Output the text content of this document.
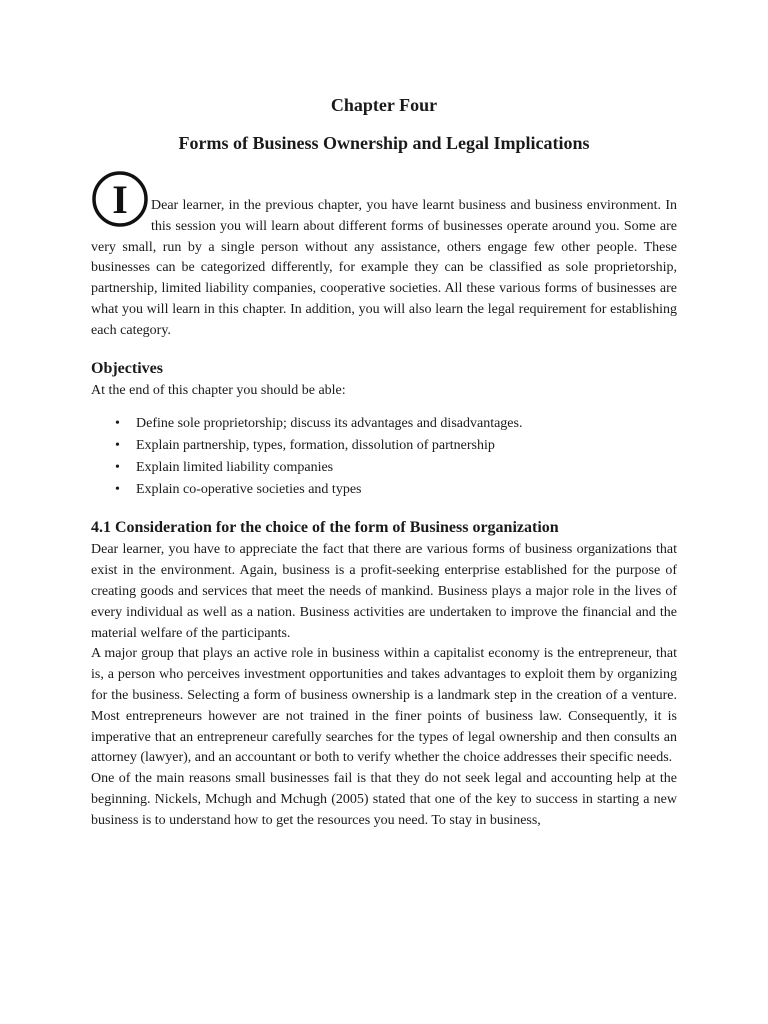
Chapter Four
Forms of Business Ownership and Legal Implications
I	Dear learner, in the previous chapter, you have learnt business and business environment. In this session you will learn about different forms of businesses operate around you. Some are very small, run by a single person without any assistance, others engage few other people. These businesses can be categorized differently, for example they can be classified as sole proprietorship, partnership, limited liability companies, cooperative societies. All these various forms of businesses are what you will learn in this chapter. In addition, you will also learn the legal requirement for establishing each category.

Objectives

At the end of this chapter you should be able:

• Define sole proprietorship; discuss its advantages and disadvantages.
• Explain partnership, types, formation, dissolution of partnership
• Explain limited liability companies
• Explain co-operative societies and types
4.1 Consideration for the choice of the form of Business organization

Dear learner, you have to appreciate the fact that there are various forms of business organizations that exist in the environment. Again, business is a profit-seeking enterprise established for the purpose of creating goods and services that meet the needs of mankind. Business plays a major role in the lives of every individual as well as a nation. Business activities are undertaken to improve the financial and the material welfare of the participants.

A major group that plays an active role in business within a capitalist economy is the entrepreneur, that is, a person who perceives investment opportunities and takes advantages to exploit them by organizing for the business. Selecting a form of business ownership is a landmark step in the creation of a venture. Most entrepreneurs however are not trained in the finer points of business law. Consequently, it is imperative that an entrepreneur carefully searches for the types of legal ownership and then consults an attorney (lawyer), and an accountant or both to verify whether the choice addresses their specific needs.

One of the main reasons small businesses fail is that they do not seek legal and accounting help at the beginning. Nickels, Mchugh and Mchugh (2005) stated that one of the key to success in starting a new business is to understand how to get the resources you need. To stay in business,
